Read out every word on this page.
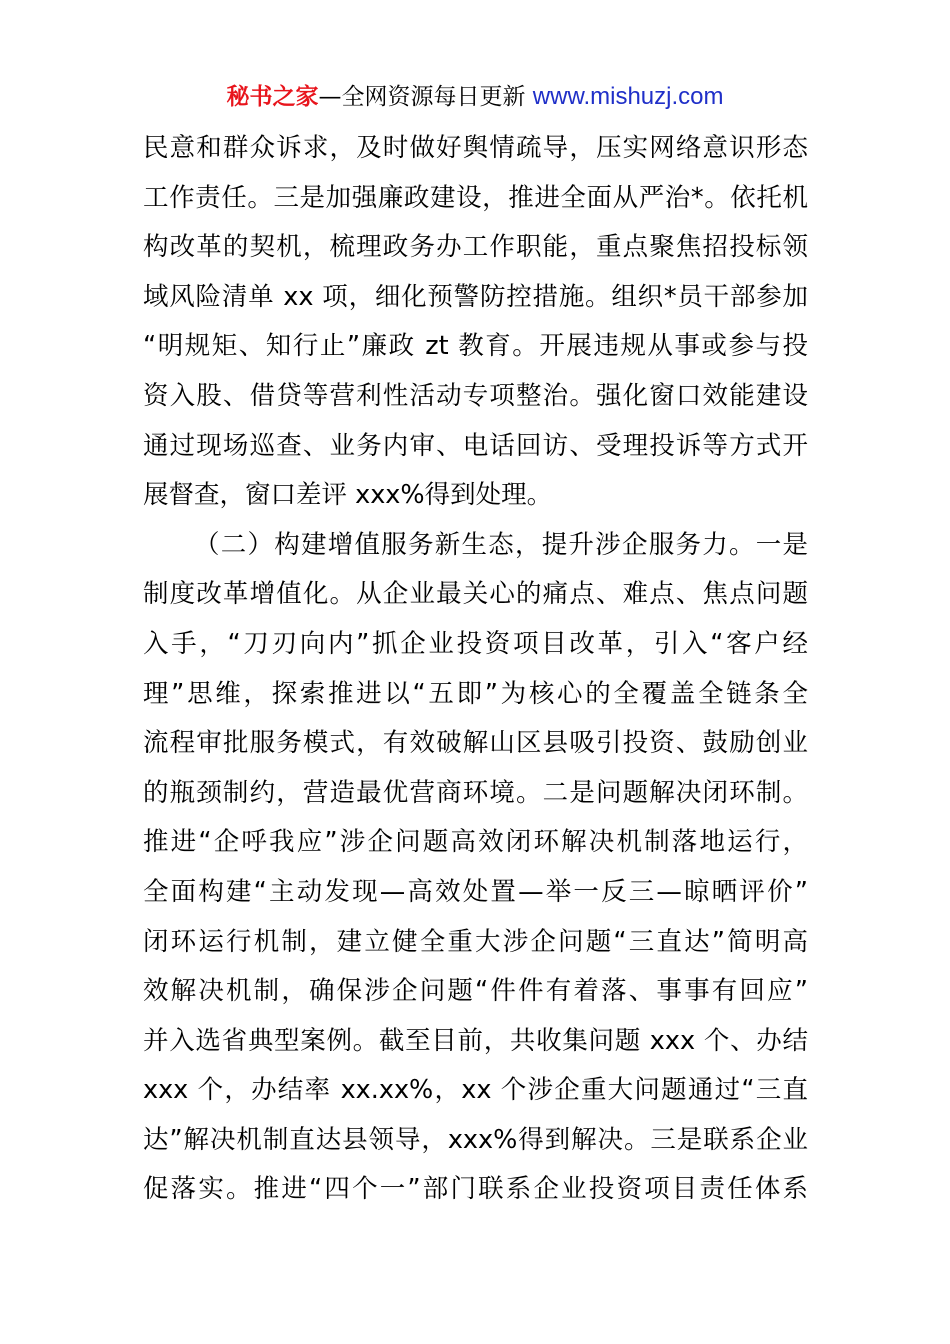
秘书之家—全网资源每日更新 www.mishuzj.com
民意和群众诉求，及时做好舆情疏导，压实网络意识形态
工作责任。三是加强廉政建设，推进全面从严治*。依托机
构改革的契机，梳理政务办工作职能，重点聚焦招投标领
域风险清单 xx 项，细化预警防控措施。组织*员干部参加
“明规矩、知行止”廉政 zt 教育。开展违规从事或参与投
资入股、借贷等营利性活动专项整治。强化窗口效能建设
通过现场巡查、业务内审、电话回访、受理投诉等方式开
展督查，窗口差评 xxx%得到处理。
（二）构建增值服务新生态，提升涉企服务力。一是
制度改革增值化。从企业最关心的痛点、难点、焦点问题
入手，“刀刃向内”抓企业投资项目改革，引入“客户经
理”思维，探索推进以“五即”为核心的全覆盖全链条全
流程审批服务模式，有效破解山区县吸引投资、鼓励创业
的瓶颈制约，营造最优营商环境。二是问题解决闭环制。
推进“企呼我应”涉企问题高效闭环解决机制落地运行，
全面构建“主动发现—高效处置—举一反三—晾晒评价”
闭环运行机制，建立健全重大涉企问题“三直达”简明高
效解决机制，确保涉企问题“件件有着落、事事有回应”
并入选省典型案例。截至目前，共收集问题 xxx 个、办结
xxx 个，办结率 xx.xx%，xx 个涉企重大问题通过“三直
达”解决机制直达县领导，xxx%得到解决。三是联系企业
促落实。推进“四个一”部门联系企业投资项目责任体系
